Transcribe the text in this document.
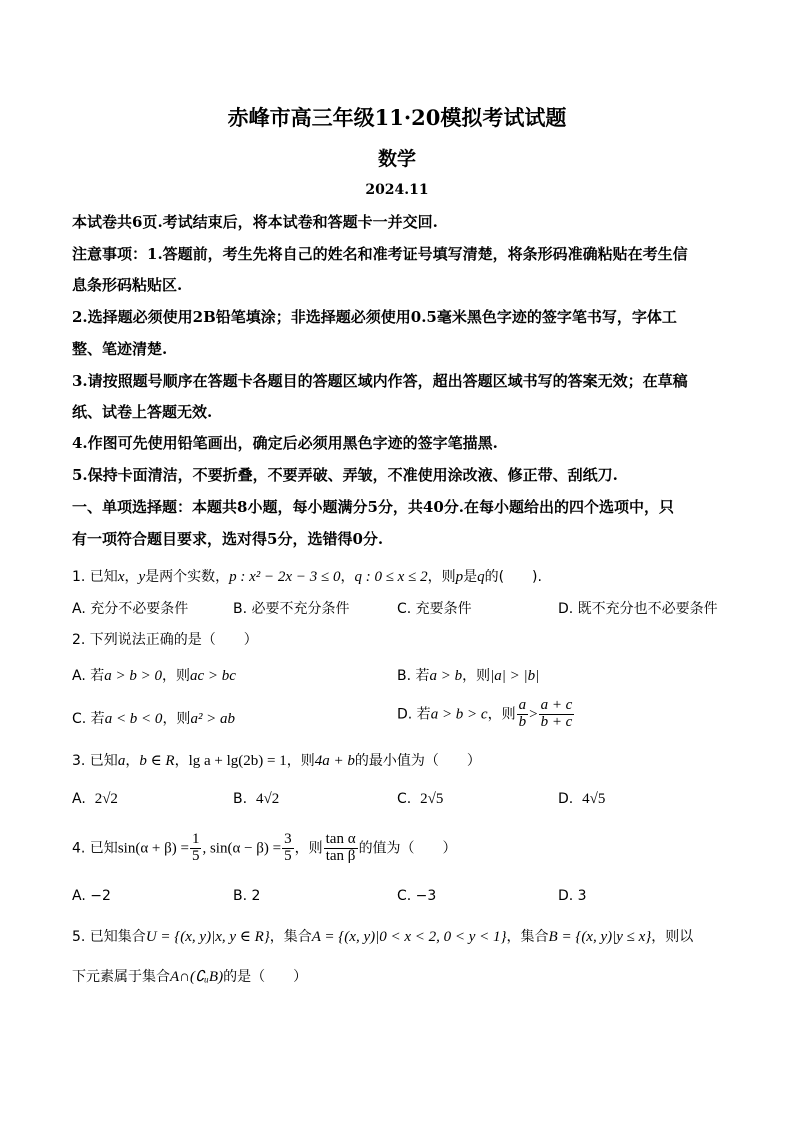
赤峰市高三年级11·20模拟考试试题
数学
2024.11
本试卷共6页.考试结束后，将本试卷和答题卡一并交回.
注意事项：1.答题前，考生先将自己的姓名和准考证号填写清楚，将条形码准确粘贴在考生信
息条形码粘贴区.
2.选择题必须使用2B铅笔填涂；非选择题必须使用0.5毫米黑色字迹的签字笔书写，字体工
整、笔迹清楚.
3.请按照题号顺序在答题卡各题目的答题区域内作答，超出答题区域书写的答案无效；在草稿
纸、试卷上答题无效.
4.作图可先使用铅笔画出，确定后必须用黑色字迹的签字笔描黑.
5.保持卡面清洁，不要折叠，不要弄破、弄皱，不准使用涂改液、修正带、刮纸刀.
一、单项选择题：本题共8小题，每小题满分5分，共40分.在每小题给出的四个选项中，只
有一项符合题目要求，选对得5分，选错得0分.
1. 已知x，y是两个实数，p : x² − 2x − 3 ≤ 0，q : 0 ≤ x ≤ 2，则p是q的(　　).
A. 充分不必要条件	B. 必要不充分条件	C. 充要条件	D. 既不充分也不必要条件
2. 下列说法正确的是（　　）
A. 若a > b > 0，则ac > bc	B. 若a > b，则|a| > |b|
C. 若a < b < 0，则a² > ab	D. 若a > b > c，则 $\frac{a}{b} > \frac{a + c}{b + c}$
3. 已知a，b ∈ R，lg a + lg(2b) = 1，则4a + b的最小值为（　　）
A. 2√2	B. 4√2	C. 2√5	D. 4√5
4. 已知$\sin(\alpha + \beta) = \frac{1}{5}$ , $\sin(\alpha - \beta) = \frac{3}{5}$ ，则 $\frac{\text{tan α}}{\text{tan β}}$ 的值为（　　）
A. −2	B. 2	C. −3	D. 3
5. 已知集合U = {(x, y)|x, y ∈ R}，集合A = {(x, y)|0 < x < 2, 0 < y < 1}，集合B = {(x, y)|y ≤ x}，则以
下元素属于集合A∩(∁ᵤB)的是（　　）
